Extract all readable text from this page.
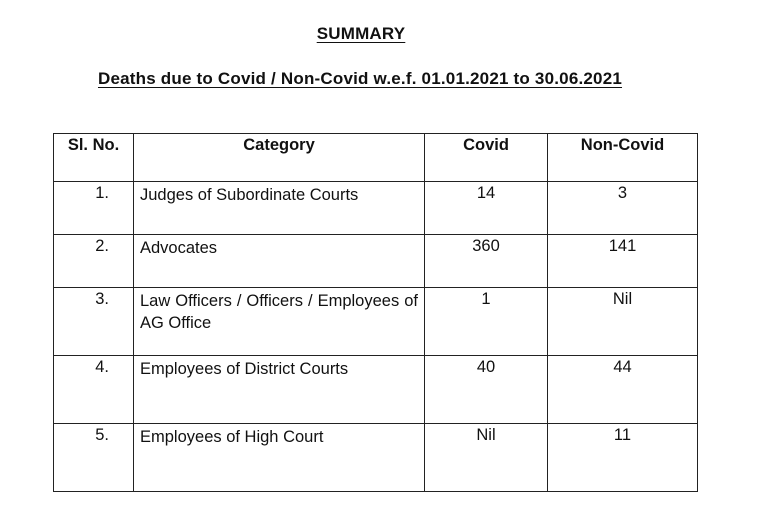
SUMMARY
Deaths due to Covid / Non-Covid w.e.f. 01.01.2021 to 30.06.2021
Sl. No.	Category	Covid	Non-Covid
1.	Judges of Subordinate Courts	14	3
2.	Advocates	360	141
3.	Law Officers / Officers / Employees of AG Office	1	Nil
4.	Employees of District Courts	40	44
5.	Employees of High Court	Nil	11
